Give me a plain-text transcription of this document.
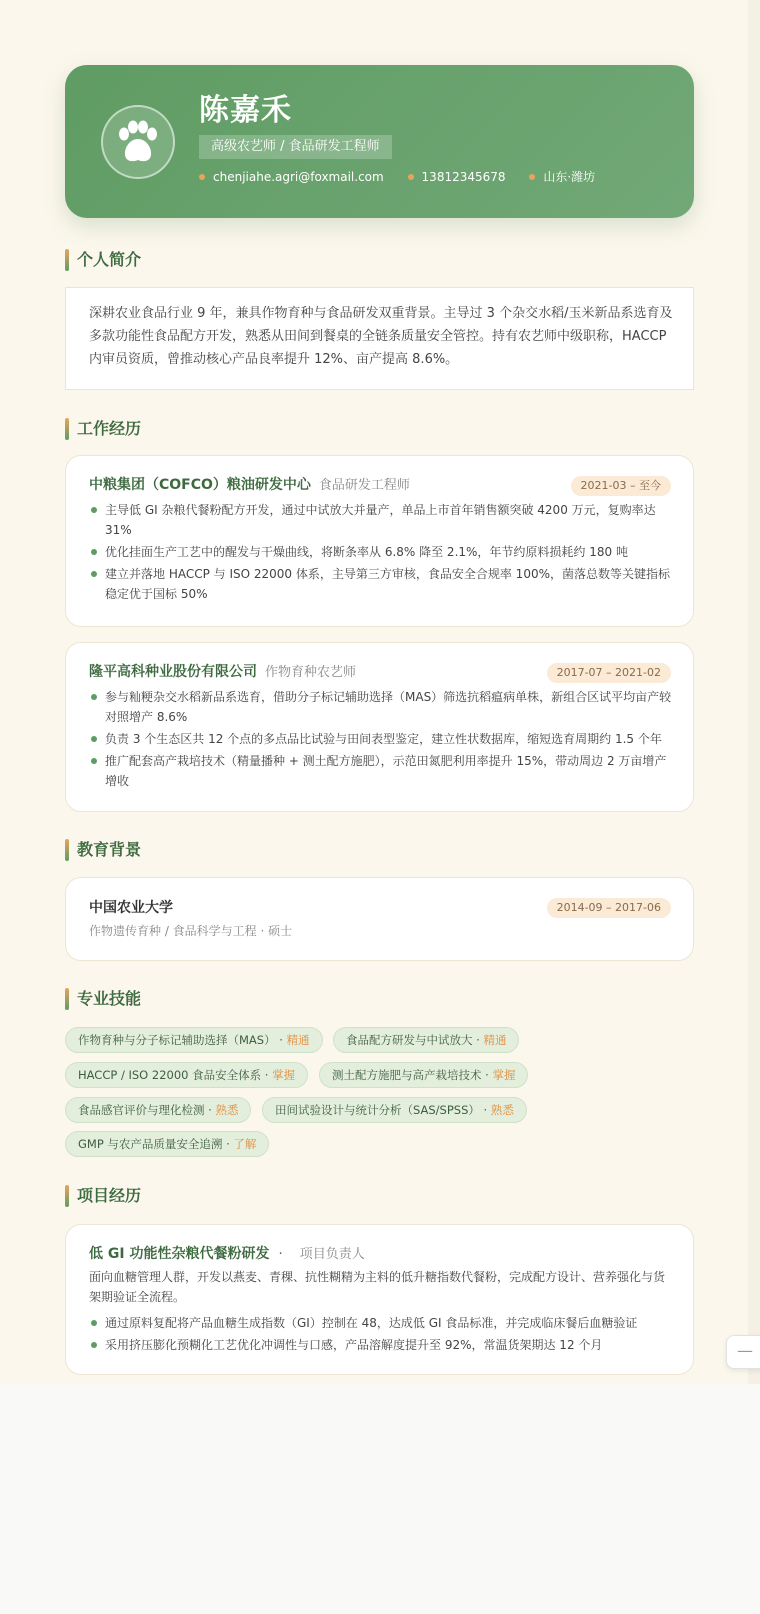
陈嘉禾
高级农艺师 / 食品研发工程师
chenjiahe.agri@foxmail.com	13812345678	山东·潍坊
个人简介
深耕农业食品行业 9 年，兼具作物育种与食品研发双重背景。主导过 3 个杂交水稻/玉米新品系选育及多款功能性食品配方开发，熟悉从田间到餐桌的全链条质量安全管控。持有农艺师中级职称，HACCP 内审员资质，曾推动核心产品良率提升 12%、亩产提高 8.6%。
工作经历
中粮集团（COFCO）粮油研发中心 食品研发工程师	2021-03 – 至今
主导低 GI 杂粮代餐粉配方开发，通过中试放大并量产，单品上市首年销售额突破 4200 万元，复购率达 31%
优化挂面生产工艺中的醒发与干燥曲线，将断条率从 6.8% 降至 2.1%，年节约原料损耗约 180 吨
建立并落地 HACCP 与 ISO 22000 体系，主导第三方审核，食品安全合规率 100%，菌落总数等关键指标稳定优于国标 50%
隆平高科种业股份有限公司 作物育种农艺师	2017-07 – 2021-02
参与籼粳杂交水稻新品系选育，借助分子标记辅助选择（MAS）筛选抗稻瘟病单株，新组合区试平均亩产较对照增产 8.6%
负责 3 个生态区共 12 个点的多点品比试验与田间表型鉴定，建立性状数据库，缩短选育周期约 1.5 个年
推广配套高产栽培技术（精量播种 + 测土配方施肥），示范田氮肥利用率提升 15%，带动周边 2 万亩增产增收
教育背景
中国农业大学
作物遗传育种 / 食品科学与工程 · 硕士
2014-09 – 2017-06
专业技能
作物育种与分子标记辅助选择（MAS） · 精通	食品配方研发与中试放大 · 精通
HACCP / ISO 22000 食品安全体系 · 掌握	测土配方施肥与高产栽培技术 · 掌握
食品感官评价与理化检测 · 熟悉	田间试验设计与统计分析（SAS/SPSS） · 熟悉
GMP 与农产品质量安全追溯 · 了解
项目经历
低 GI 功能性杂粮代餐粉研发 · 项目负责人
面向血糖管理人群，开发以燕麦、青稞、抗性糊精为主料的低升糖指数代餐粉，完成配方设计、营养强化与货架期验证全流程。
通过原料复配将产品血糖生成指数（GI）控制在 48，达成低 GI 食品标准，并完成临床餐后血糖验证
采用挤压膨化预糊化工艺优化冲调性与口感，产品溶解度提升至 92%，常温货架期达 12 个月	—
